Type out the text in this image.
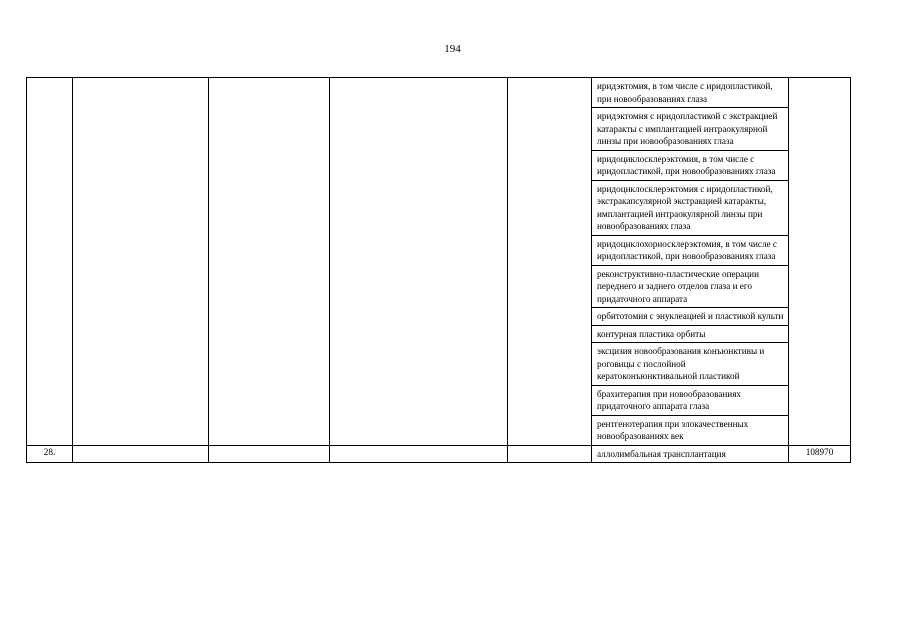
194
					иридэктомия, в том числе с иридопластикой, при новообразованиях глаза	
					иридэктомия с иридопластикой с экстракцией катаракты с имплантацией интраокулярной линзы при новообразованиях глаза	
					иридоциклосклерэктомия, в том числе с иридопластикой, при новообразованиях глаза	
					иридоциклосклерэктомия с иридопластикой, экстракапсулярной экстракцией катаракты, имплантацией интраокулярной линзы при новообразованиях глаза	
					иридоциклохориосклерэктомия, в том числе с иридопластикой, при новообразованиях глаза	
					реконструктивно-пластические операции переднего и заднего отделов глаза и его придаточного аппарата	
					орбитотомия с энуклеацией и пластикой культи	
					контурная пластика орбиты	
					эксцизия новообразования конъюнктивы и роговицы с послойной кератоконъюнктивальной пластикой	
					брахитерапия при новообразованиях придаточного аппарата глаза	
					рентгенотерапия при злокачественных новообразованиях век	
28.					аллолимбальная трансплантация	108970
